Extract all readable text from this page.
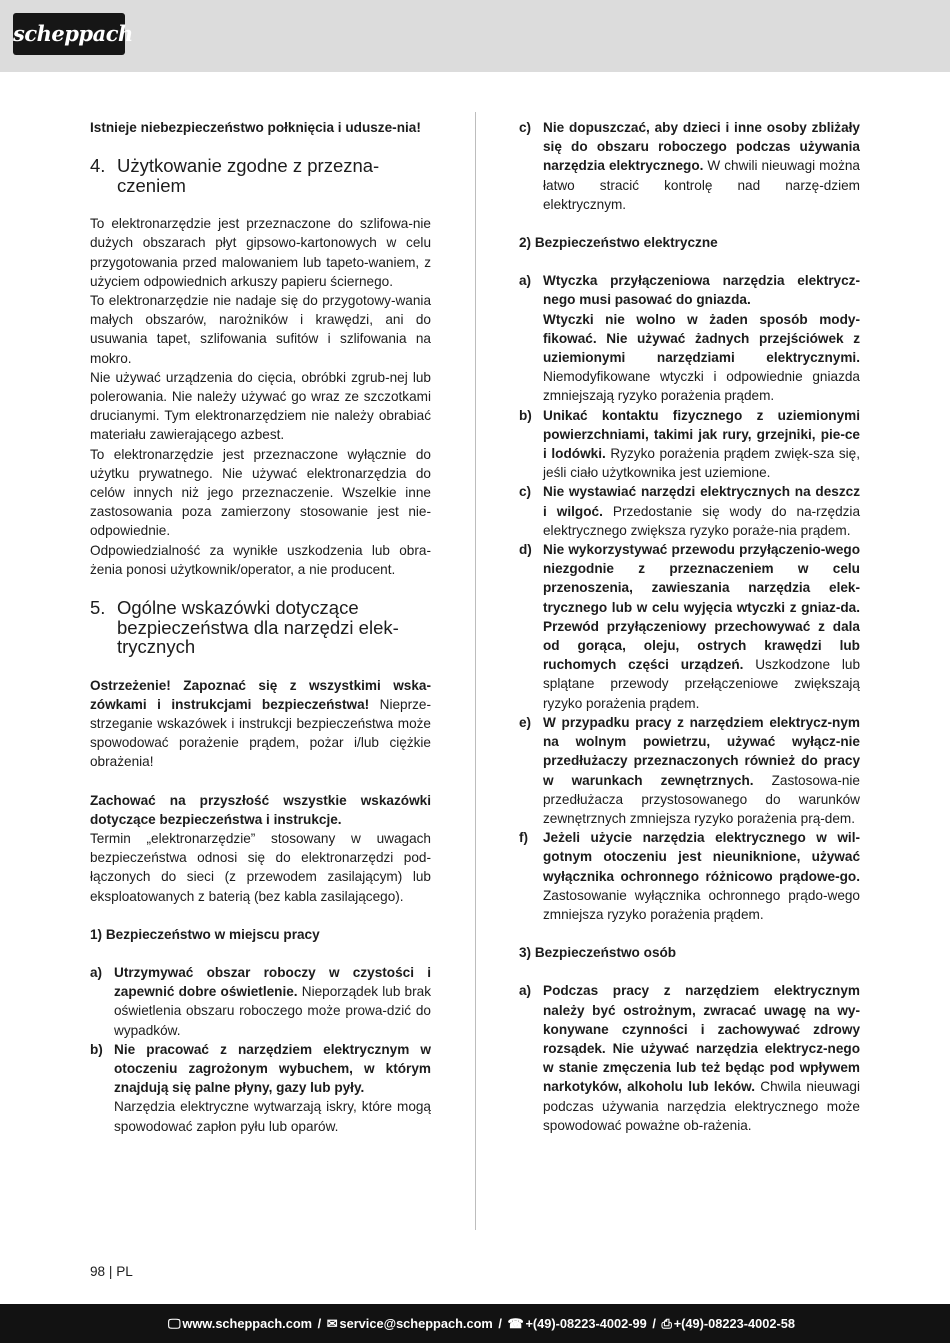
scheppach

Istnieje niebezpieczeństwo połknięcia i udusze-nia!

4. Użytkowanie zgodne z przezna-czeniem

To elektronarzędzie jest przeznaczone do szlifowa-nie dużych obszarach płyt gipsowo-kartonowych w celu przygotowania przed malowaniem lub tapeto-waniem, z użyciem odpowiednich arkuszy papieru ściernego.

To elektronarzędzie nie nadaje się do przygotowy-wania małych obszarów, narożników i krawędzi, ani do usuwania tapet, szlifowania sufitów i szlifowania na mokro.

Nie używać urządzenia do cięcia, obróbki zgrub-nej lub polerowania. Nie należy używać go wraz ze szczotkami drucianymi. Tym elektronarzędziem nie należy obrabiać materiału zawierającego azbest.

To elektronarzędzie jest przeznaczone wyłącznie do użytku prywatnego. Nie używać elektronarzędzia do celów innych niż jego przeznaczenie. Wszelkie inne zastosowania poza zamierzony stosowanie jest nie-odpowiednie.

Odpowiedzialność za wynikłe uszkodzenia lub obra-żenia ponosi użytkownik/operator, a nie producent.

5. Ogólne wskazówki dotyczące bezpieczeństwa dla narzędzi elek-trycznych

Ostrzeżenie! Zapoznać się z wszystkimi wska-zówkami i instrukcjami bezpieczeństwa! Nieprze-strzeganie wskazówek i instrukcji bezpieczeństwa może spowodować porażenie prądem, pożar i/lub ciężkie obrażenia!

Zachować na przyszłość wszystkie wskazówki dotyczące bezpieczeństwa i instrukcje.

Termin „elektronarzędzie” stosowany w uwagach bezpieczeństwa odnosi się do elektronarzędzi pod-łączonych do sieci (z przewodem zasilającym) lub eksploatowanych z baterią (bez kabla zasilającego).

1) Bezpieczeństwo w miejscu pracy

a) Utrzymywać obszar roboczy w czystości i zapewnić dobre oświetlenie. Nieporządek lub brak oświetlenia obszaru roboczego może prowa-dzić do wypadków.

b) Nie pracować z narzędziem elektrycznym w otoczeniu zagrożonym wybuchem, w którym znajdują się palne płyny, gazy lub pyły.

Narzędzia elektryczne wytwarzają iskry, które mogą spowodować zapłon pyłu lub oparów.

c) Nie dopuszczać, aby dzieci i inne osoby zbliżały się do obszaru roboczego podczas używania narzędzia elektrycznego. W chwili nieuwagi można łatwo stracić kontrolę nad narzę-dziem elektrycznym.

2) Bezpieczeństwo elektryczne

a) Wtyczka przyłączeniowa narzędzia elektrycz-nego musi pasować do gniazda.

Wtyczki nie wolno w żaden sposób mody-fikować. Nie używać żadnych przejściówek z uziemionymi narzędziami elektrycznymi. Niemodyfikowane wtyczki i odpowiednie gniazda zmniejszają ryzyko porażenia prądem.

b) Unikać kontaktu fizycznego z uziemionymi powierzchniami, takimi jak rury, grzejniki, pie-ce i lodówki. Ryzyko porażenia prądem zwięk-sza się, jeśli ciało użytkownika jest uziemione.

c) Nie wystawiać narzędzi elektrycznych na deszcz i wilgoć. Przedostanie się wody do na-rzędzia elektrycznego zwiększa ryzyko poraże-nia prądem.

d) Nie wykorzystywać przewodu przyłączenio-wego niezgodnie z przeznaczeniem w celu przenoszenia, zawieszania narzędzia elek-trycznego lub w celu wyjęcia wtyczki z gniaz-da. Przewód przyłączeniowy przechowywać z dala od gorąca, oleju, ostrych krawędzi lub ruchomych części urządzeń. Uszkodzone lub splątane przewody przełączeniowe zwiększają ryzyko porażenia prądem.

e) W przypadku pracy z narzędziem elektrycz-nym na wolnym powietrzu, używać wyłącz-nie przedłużaczy przeznaczonych również do pracy w warunkach zewnętrznych. Zastosowa-nie przedłużacza przystosowanego do warunków zewnętrznych zmniejsza ryzyko porażenia prą-dem.

f)	Jeżeli użycie narzędzia elektrycznego w wil-gotnym otoczeniu jest nieuniknione, używać wyłącznika ochronnego różnicowo prądowe-go. Zastosowanie wyłącznika ochronnego prądo-wego zmniejsza ryzyko porażenia prądem.

3) Bezpieczeństwo osób

a) Podczas pracy z narzędziem elektrycznym należy być ostrożnym, zwracać uwagę na wy-konywane czynności i zachowywać zdrowy rozsądek. Nie używać narzędzia elektrycz-nego w stanie zmęczenia lub też będąc pod wpływem narkotyków, alkoholu lub leków. Chwila nieuwagi podczas używania narzędzia elektrycznego może spowodować poważne ob-rażenia.

98 | PL
🖵 www.scheppach.com / ✉ service@scheppach.com / ☎ +(49)-08223-4002-99 / ⎙ +(49)-08223-4002-58
